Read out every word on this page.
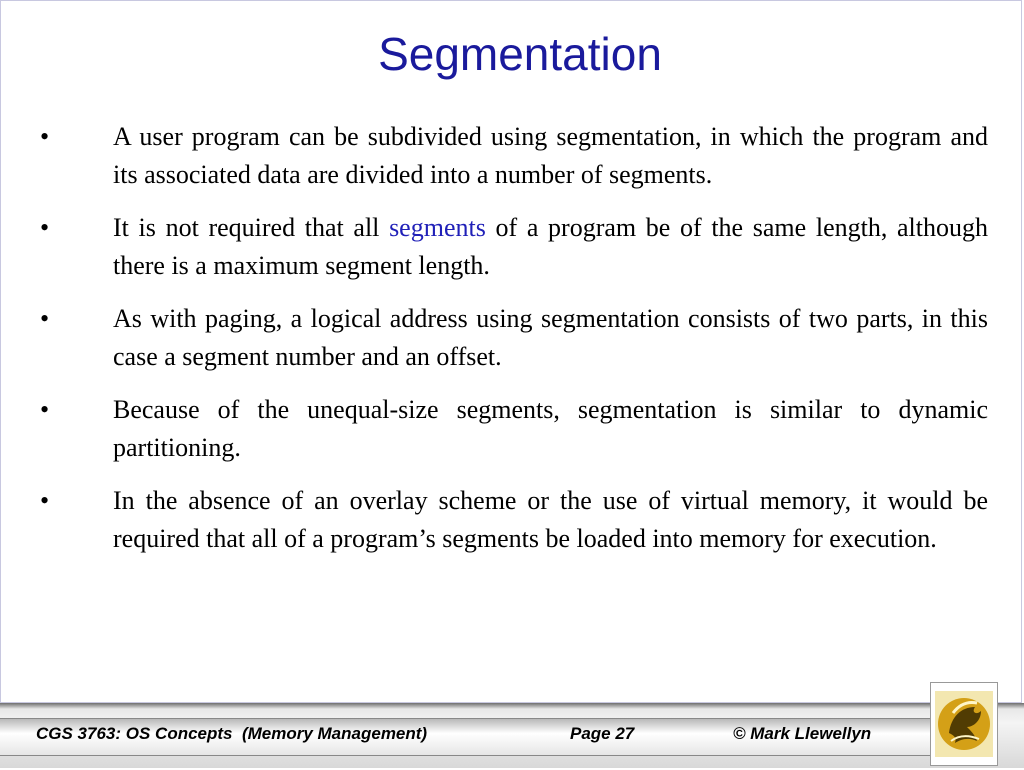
Segmentation
•	A user program can be subdivided using segmentation, in which the program and its associated data are divided into a number of segments.
•	It is not required that all segments of a program be of the same length, although there is a maximum segment length.
•	As with paging, a logical address using segmentation consists of two parts, in this case a segment number and an offset.
•	Because of the unequal-size segments, segmentation is similar to dynamic partitioning.
•	In the absence of an overlay scheme or the use of virtual memory, it would be required that all of a program’s segments be loaded into memory for execution.
CGS 3763: OS Concepts  (Memory Management)	Page 27	© Mark Llewellyn
